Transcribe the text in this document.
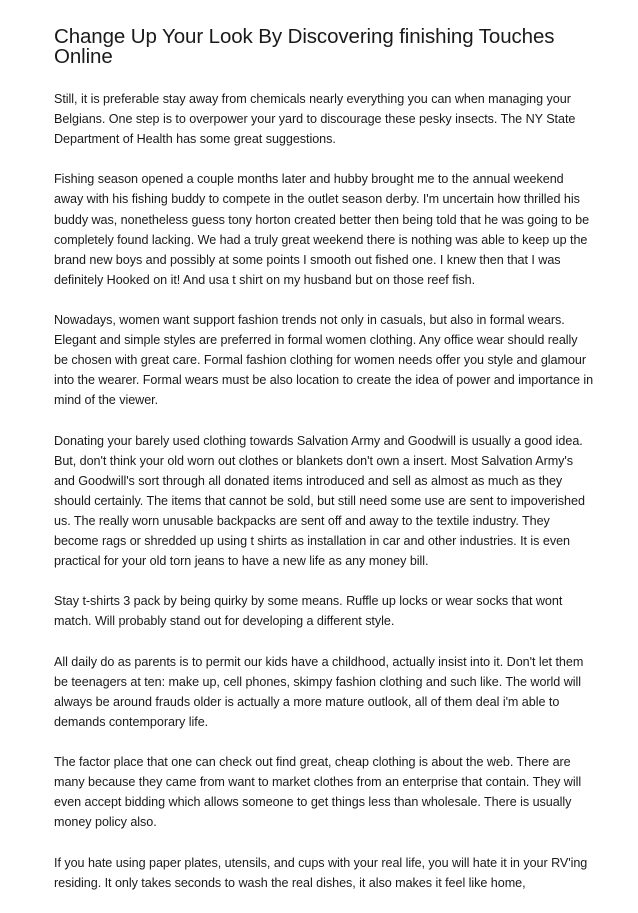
Change Up Your Look By Discovering finishing Touches Online

Still, it is preferable stay away from chemicals nearly everything you can when managing your Belgians. One step is to overpower your yard to discourage these pesky insects. The NY State Department of Health has some great suggestions.

Fishing season opened a couple months later and hubby brought me to the annual weekend away with his fishing buddy to compete in the outlet season derby. I'm uncertain how thrilled his buddy was, nonetheless guess tony horton created better then being told that he was going to be completely found lacking. We had a truly great weekend there is nothing was able to keep up the brand new boys and possibly at some points I smooth out fished one. I knew then that I was definitely Hooked on it! And usa t shirt on my husband but on those reef fish.

Nowadays, women want support fashion trends not only in casuals, but also in formal wears. Elegant and simple styles are preferred in formal women clothing. Any office wear should really be chosen with great care. Formal fashion clothing for women needs offer you style and glamour into the wearer. Formal wears must be also location to create the idea of power and importance in mind of the viewer.

Donating your barely used clothing towards Salvation Army and Goodwill is usually a good idea. But, don't think your old worn out clothes or blankets don't own a insert. Most Salvation Army's and Goodwill's sort through all donated items introduced and sell as almost as much as they should certainly. The items that cannot be sold, but still need some use are sent to impoverished us. The really worn unusable backpacks are sent off and away to the textile industry. They become rags or shredded up using t shirts as installation in car and other industries. It is even practical for your old torn jeans to have a new life as any money bill.

Stay t-shirts 3 pack by being quirky by some means. Ruffle up locks or wear socks that wont match. Will probably stand out for developing a different style.

All daily do as parents is to permit our kids have a childhood, actually insist into it. Don't let them be teenagers at ten: make up, cell phones, skimpy fashion clothing and such like. The world will always be around frauds older is actually a more mature outlook, all of them deal i'm able to demands contemporary life.

The factor place that one can check out find great, cheap clothing is about the web. There are many because they came from want to market clothes from an enterprise that contain. They will even accept bidding which allows someone to get things less than wholesale. There is usually money policy also.

If you hate using paper plates, utensils, and cups with your real life, you will hate it in your RV'ing residing. It only takes seconds to wash the real dishes, it also makes it feel like home,
